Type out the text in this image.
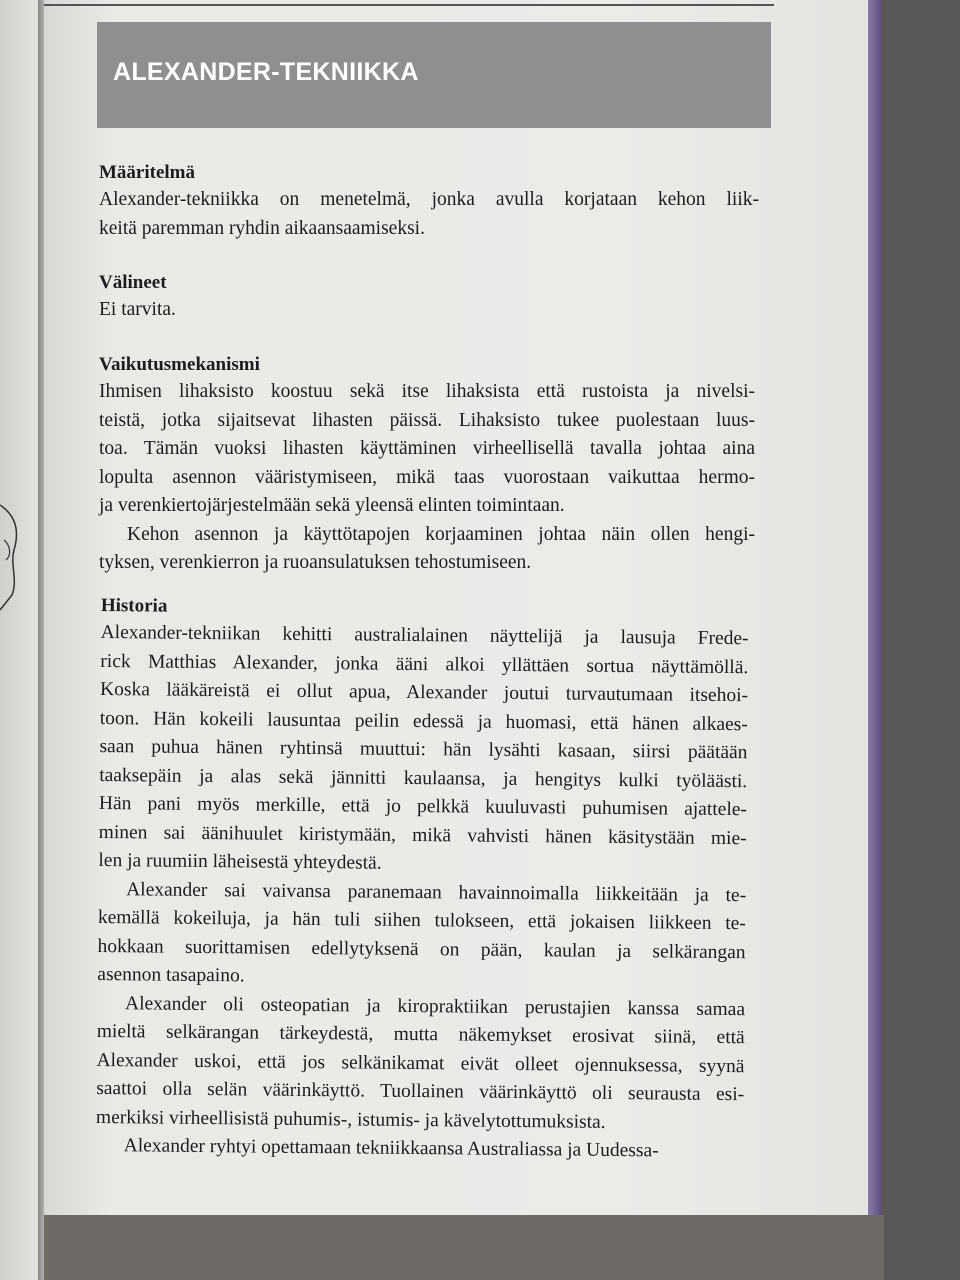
ALEXANDER-TEKNIIKKA
Määritelmä
Alexander-tekniikka on menetelmä, jonka avulla korjataan kehon liik-
keitä paremman ryhdin aikaansaamiseksi.
Välineet
Ei tarvita.
Vaikutusmekanismi
Ihmisen lihaksisto koostuu sekä itse lihaksista että rustoista ja nivelsi-
teistä, jotka sijaitsevat lihasten päissä. Lihaksisto tukee puolestaan luus-
toa. Tämän vuoksi lihasten käyttäminen virheellisellä tavalla johtaa aina
lopulta asennon vääristymiseen, mikä taas vuorostaan vaikuttaa hermo-
ja verenkiertojärjestelmään sekä yleensä elinten toimintaan.
Kehon asennon ja käyttötapojen korjaaminen johtaa näin ollen hengi-
tyksen, verenkierron ja ruoansulatuksen tehostumiseen.
Historia
Alexander-tekniikan kehitti australialainen näyttelijä ja lausuja Frede-
rick Matthias Alexander, jonka ääni alkoi yllättäen sortua näyttämöllä.
Koska lääkäreistä ei ollut apua, Alexander joutui turvautumaan itsehoi-
toon. Hän kokeili lausuntaa peilin edessä ja huomasi, että hänen alkaes-
saan puhua hänen ryhtinsä muuttui: hän lysähti kasaan, siirsi päätään
taaksepäin ja alas sekä jännitti kaulaansa, ja hengitys kulki työläästi.
Hän pani myös merkille, että jo pelkkä kuuluvasti puhumisen ajattele-
minen sai äänihuulet kiristymään, mikä vahvisti hänen käsitystään mie-
len ja ruumiin läheisestä yhteydestä.
Alexander sai vaivansa paranemaan havainnoimalla liikkeitään ja te-
kemällä kokeiluja, ja hän tuli siihen tulokseen, että jokaisen liikkeen te-
hokkaan suorittamisen edellytyksenä on pään, kaulan ja selkärangan
asennon tasapaino.
Alexander oli osteopatian ja kiropraktiikan perustajien kanssa samaa
mieltä selkärangan tärkeydestä, mutta näkemykset erosivat siinä, että
Alexander uskoi, että jos selkänikamat eivät olleet ojennuksessa, syynä
saattoi olla selän väärinkäyttö. Tuollainen väärinkäyttö oli seurausta esi-
merkiksi virheellisistä puhumis-, istumis- ja kävelytottumuksista.
Alexander ryhtyi opettamaan tekniikkaansa Australiassa ja Uudessa-
